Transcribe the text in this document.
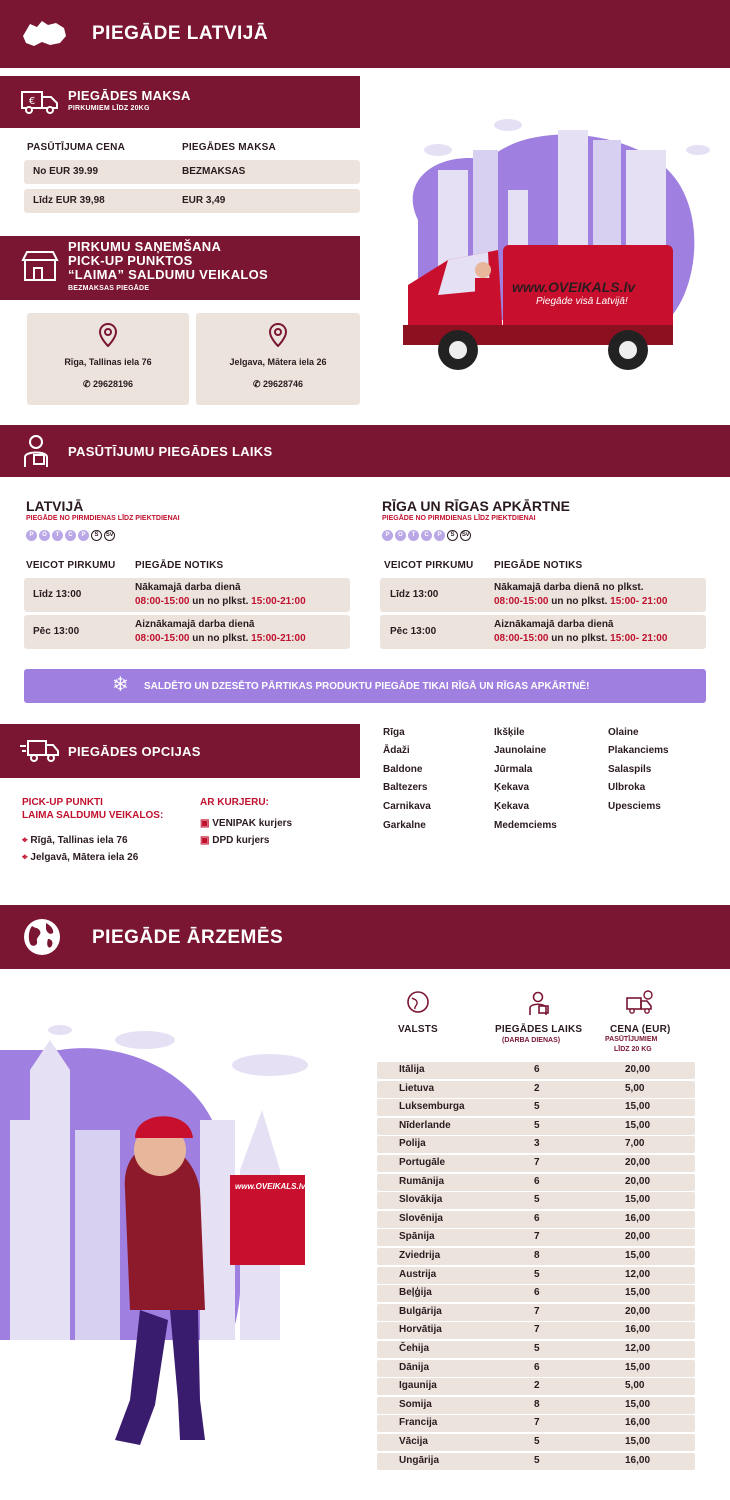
PIEGĀDE LATVIJĀ
€	PIEGĀDES MAKSA
PIRKUMIEM LĪDZ 20KG
PASŪTĪJUMA CENA	PIEGĀDES MAKSA
No EUR 39.99	BEZMAKSAS
Līdz EUR 39,98	EUR 3,49
PIRKUMU SAŅEMŠANA
PICK-UP PUNKTOS
“LAIMA” SALDUMU VEIKALOS
BEZMAKSAS PIEGĀDE
Rīga, Tallinas iela 76
✆ 29628196
Jelgava, Mātera iela 26
✆ 29628746
www.OVEIKALS.lv
Piegāde visā Latvijā!
PASŪTĪJUMU PIEGĀDES LAIKS
LATVIJĀ
PIEGĀDE NO PIRMDIENAS LĪDZ PIEKTDIENAI
P	O	T	C	P	S	Sv
VEICOT PIRKUMU PIEGĀDE NOTIKS
Līdz 13:00
Nākamajā darba dienā
08:00-15:00 un no plkst. 15:00-21:00
Pēc 13:00
Aiznākamajā darba dienā
08:00-15:00 un no plkst. 15:00-21:00
RĪGA UN RĪGAS APKĀRTNE
PIEGĀDE NO PIRMDIENAS LĪDZ PIEKTDIENAI
P	O	T	C	P	S	Sv
VEICOT PIRKUMU PIEGĀDE NOTIKS
Līdz 13:00
Nākamajā darba dienā no plkst.
08:00-15:00 un no plkst. 15:00- 21:00
Pēc 13:00
Aiznākamajā darba dienā
08:00-15:00 un no plkst. 15:00- 21:00
❄ SALDĒTO UN DZESĒTO PĀRTIKAS PRODUKTU PIEGĀDE TIKAI RĪGĀ UN RĪGAS APKĀRTNĒ!
PIEGĀDES OPCIJAS
PICK-UP PUNKTI
LAIMA SALDUMU VEIKALOS:
⌖ Rīgā, Tallinas iela 76
⌖ Jelgavā, Mātera iela 26
AR KURJERU:
▣ VENIPAK kurjers
▣ DPD kurjers
Rīga
Ādaži
Baldone
Baltezers
Carnikava
Garkalne
Ikšķile
Jaunolaine
Jūrmala
Ķekava
Ķekava
Medemciems
Olaine
Plakanciems
Salaspils
Ulbroka
Upesciems
PIEGĀDE ĀRZEMĒS
www.OVEIKALS.lv
VALSTS	PIEGĀDES LAIKS
(DARBA DIENAS)
CENA (EUR)
PASŪTĪJUMIEM
LĪDZ 20 KG
Itālija	6	20,00
Lietuva	2	5,00
Luksemburga	5	15,00
Nīderlande	5	15,00
Polija	3	7,00
Portugāle	7	20,00
Rumānija	6	20,00
Slovākija	5	15,00
Slovēnija	6	16,00
Spānija	7	20,00
Zviedrija	8	15,00
Austrija	5	12,00
Beļģija	6	15,00
Bulgārija	7	20,00
Horvātija	7	16,00
Čehija	5	12,00
Dānija	6	15,00
Igaunija	2	5,00
Somija	8	15,00
Francija	7	16,00
Vācija	5	15,00
Ungārija	5	16,00
